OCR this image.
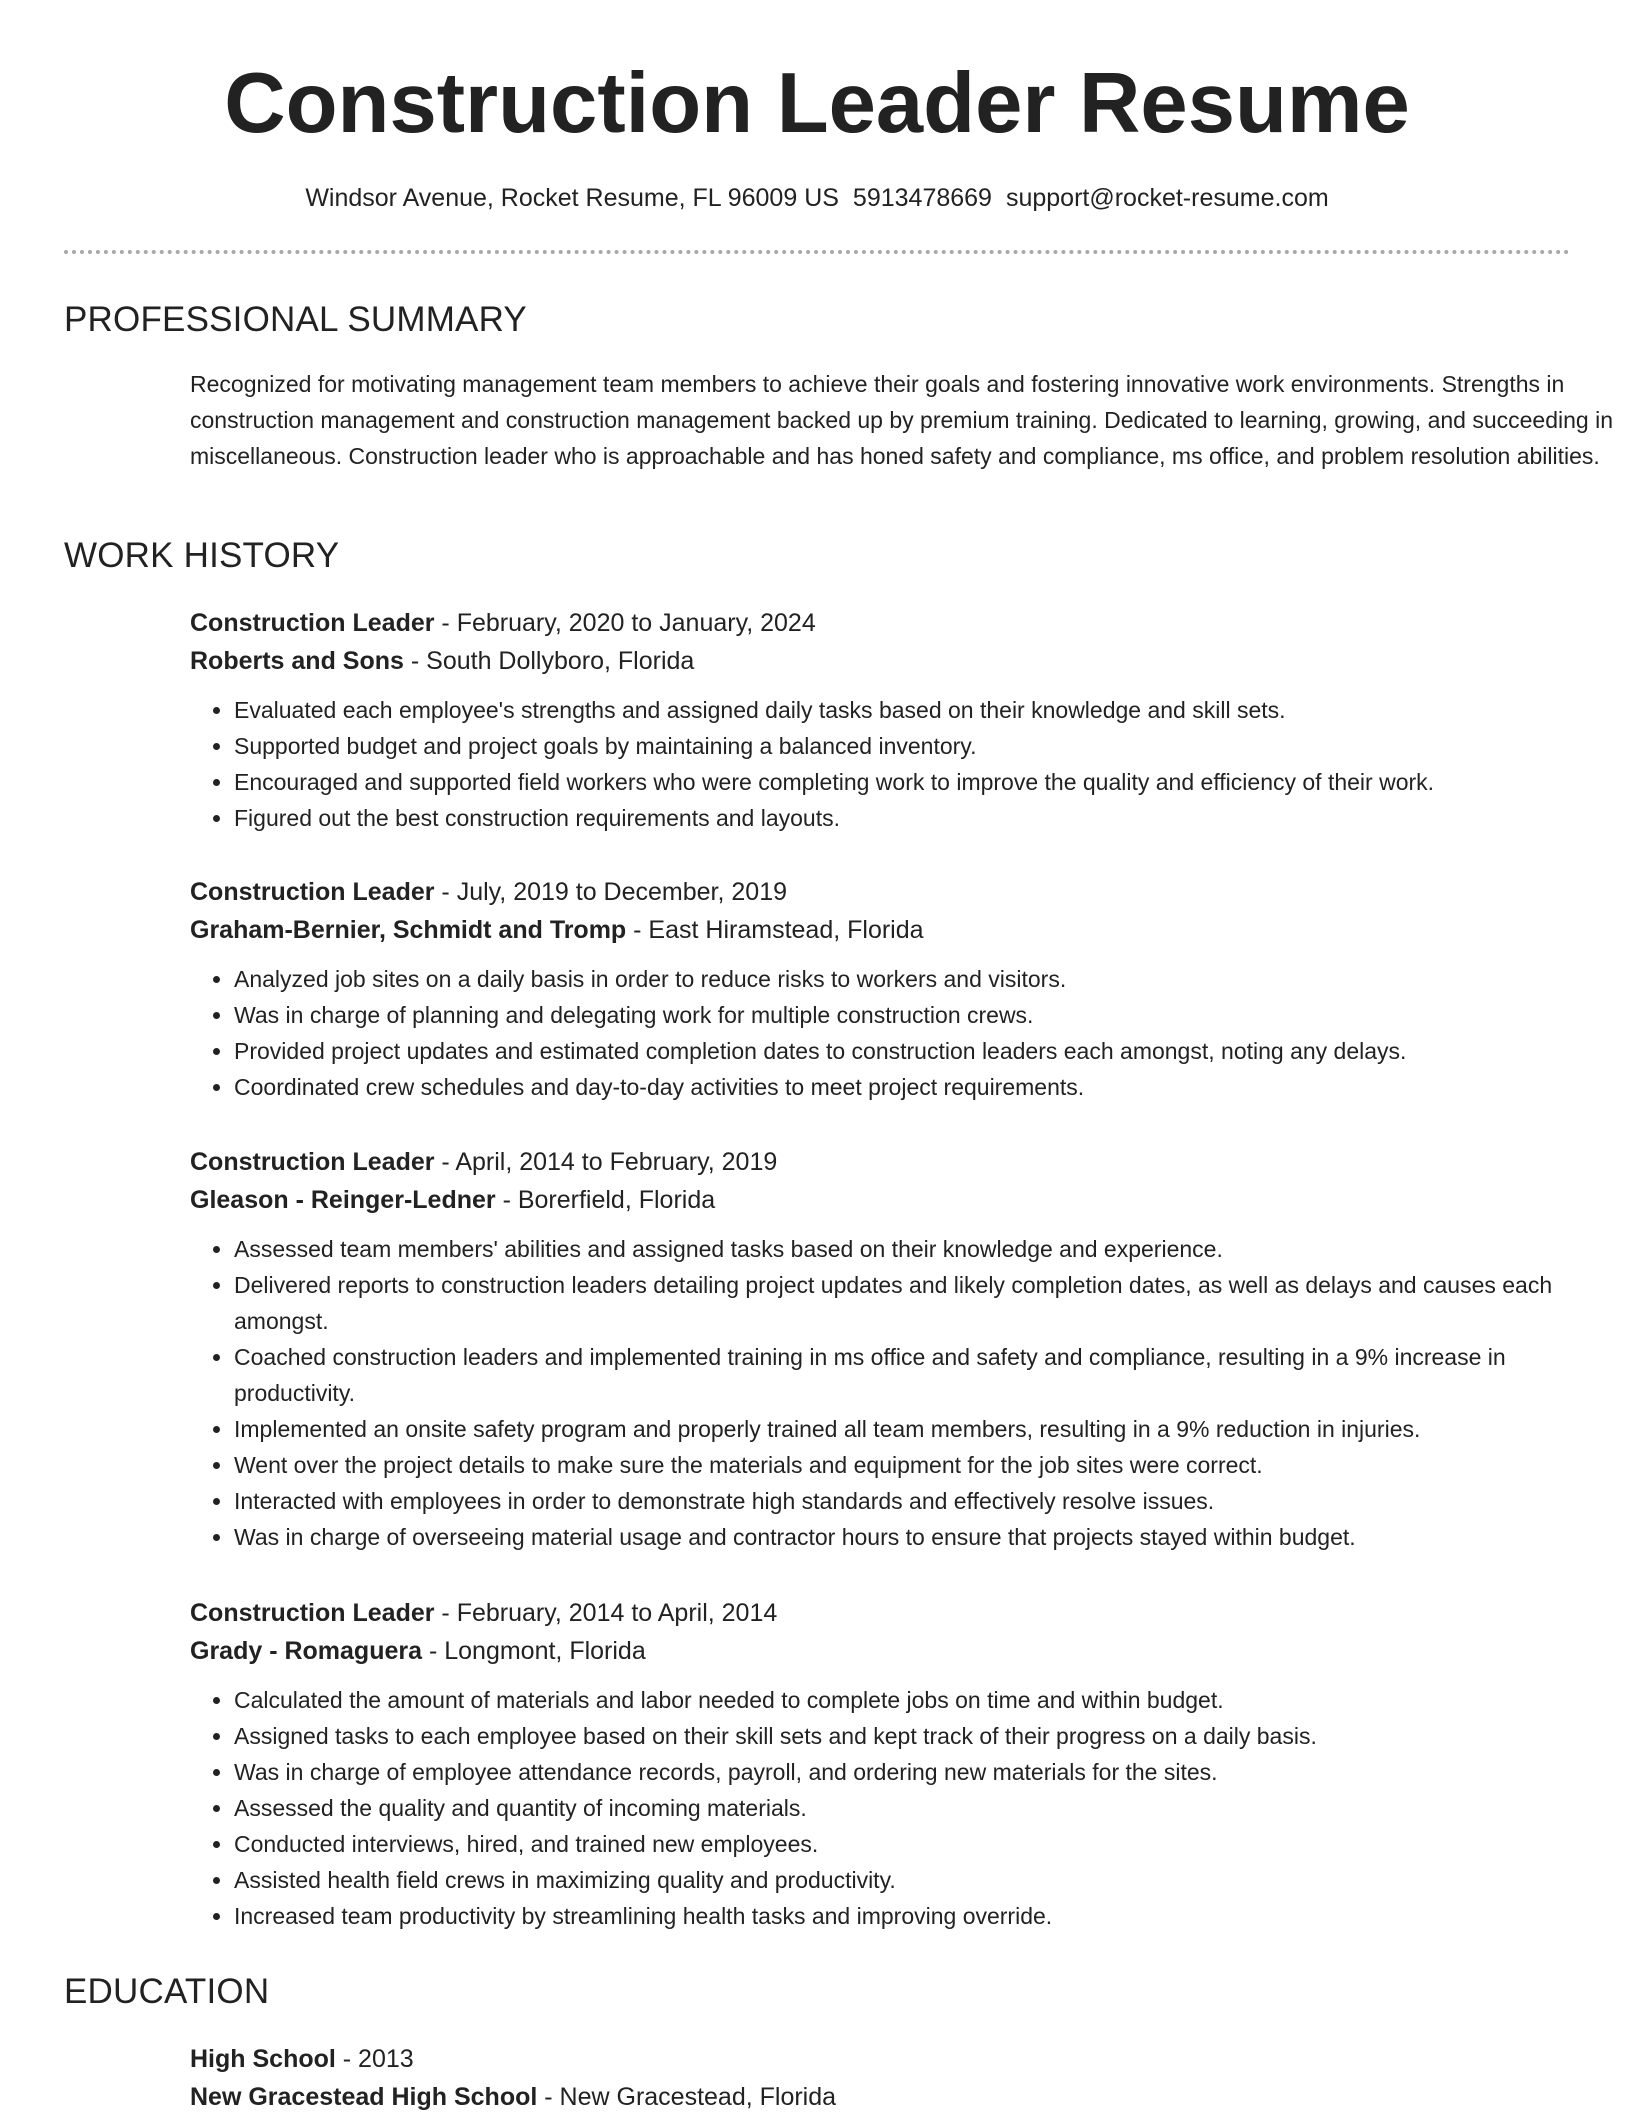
Construction Leader Resume
Windsor Avenue, Rocket Resume, FL 96009 US 5913478669 support@rocket-resume.com
PROFESSIONAL SUMMARY
Recognized for motivating management team members to achieve their goals and fostering innovative work environments. Strengths in construction management and construction management backed up by premium training. Dedicated to learning, growing, and succeeding in miscellaneous. Construction leader who is approachable and has honed safety and compliance, ms office, and problem resolution abilities.
WORK HISTORY
Construction Leader - February, 2020 to January, 2024
Roberts and Sons - South Dollyboro, Florida
• Evaluated each employee's strengths and assigned daily tasks based on their knowledge and skill sets.
• Supported budget and project goals by maintaining a balanced inventory.
• Encouraged and supported field workers who were completing work to improve the quality and efficiency of their work.
• Figured out the best construction requirements and layouts.
Construction Leader - July, 2019 to December, 2019
Graham-Bernier, Schmidt and Tromp - East Hiramstead, Florida
• Analyzed job sites on a daily basis in order to reduce risks to workers and visitors.
• Was in charge of planning and delegating work for multiple construction crews.
• Provided project updates and estimated completion dates to construction leaders each amongst, noting any delays.
• Coordinated crew schedules and day-to-day activities to meet project requirements.
Construction Leader - April, 2014 to February, 2019
Gleason - Reinger-Ledner - Borerfield, Florida
• Assessed team members' abilities and assigned tasks based on their knowledge and experience.
• Delivered reports to construction leaders detailing project updates and likely completion dates, as well as delays and causes each amongst.
• Coached construction leaders and implemented training in ms office and safety and compliance, resulting in a 9% increase in productivity.
• Implemented an onsite safety program and properly trained all team members, resulting in a 9% reduction in injuries.
• Went over the project details to make sure the materials and equipment for the job sites were correct.
• Interacted with employees in order to demonstrate high standards and effectively resolve issues.
• Was in charge of overseeing material usage and contractor hours to ensure that projects stayed within budget.
Construction Leader - February, 2014 to April, 2014
Grady - Romaguera - Longmont, Florida
• Calculated the amount of materials and labor needed to complete jobs on time and within budget.
• Assigned tasks to each employee based on their skill sets and kept track of their progress on a daily basis.
• Was in charge of employee attendance records, payroll, and ordering new materials for the sites.
• Assessed the quality and quantity of incoming materials.
• Conducted interviews, hired, and trained new employees.
• Assisted health field crews in maximizing quality and productivity.
• Increased team productivity by streamlining health tasks and improving override.
EDUCATION
High School - 2013
New Gracestead High School - New Gracestead, Florida
